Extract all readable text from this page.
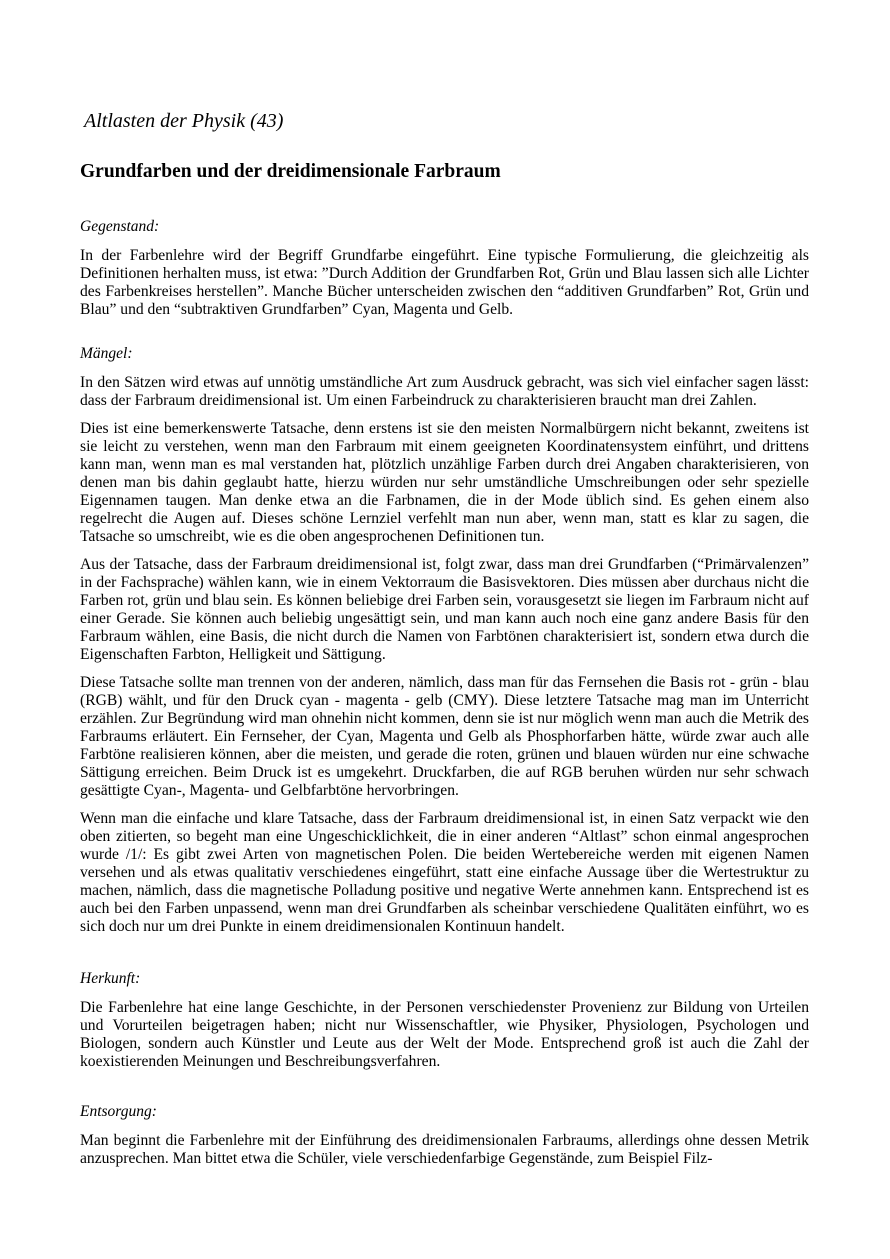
Altlasten der Physik (43)
Grundfarben und der dreidimensionale Farbraum
Gegenstand:

In der Farbenlehre wird der Begriff Grundfarbe eingeführt. Eine typische Formulierung, die gleichzeitig als Definitionen herhalten muss, ist etwa: ”Durch Addition der Grundfarben Rot, Grün und Blau lassen sich alle Lichter des Farbenkreises herstellen”. Manche Bücher unterscheiden zwischen den “additiven Grundfarben” Rot, Grün und Blau” und den “subtraktiven Grundfarben” Cyan, Magenta und Gelb.

Mängel:

In den Sätzen wird etwas auf unnötig umständliche Art zum Ausdruck gebracht, was sich viel einfacher sagen lässt: dass der Farbraum dreidimensional ist. Um einen Farbeindruck zu charakterisieren braucht man drei Zahlen.

Dies ist eine bemerkenswerte Tatsache, denn erstens ist sie den meisten Normalbürgern nicht bekannt, zweitens ist sie leicht zu verstehen, wenn man den Farbraum mit einem geeigneten Koordinatensystem einführt, und drittens kann man, wenn man es mal verstanden hat, plötzlich unzählige Farben durch drei Angaben charakterisieren, von denen man bis dahin geglaubt hatte, hierzu würden nur sehr umständliche Umschreibungen oder sehr spezielle Eigennamen taugen. Man denke etwa an die Farbnamen, die in der Mode üblich sind. Es gehen einem also regelrecht die Augen auf. Dieses schöne Lernziel verfehlt man nun aber, wenn man, statt es klar zu sagen, die Tatsache so umschreibt, wie es die oben angesprochenen Definitionen tun.

Aus der Tatsache, dass der Farbraum dreidimensional ist, folgt zwar, dass man drei Grundfarben (“Primärvalenzen” in der Fachsprache) wählen kann, wie in einem Vektorraum die Basisvektoren. Dies müssen aber durchaus nicht die Farben rot, grün und blau sein. Es können beliebige drei Farben sein, vorausgesetzt sie liegen im Farbraum nicht auf einer Gerade. Sie können auch beliebig ungesättigt sein, und man kann auch noch eine ganz andere Basis für den Farbraum wählen, eine Basis, die nicht durch die Namen von Farbtönen charakterisiert ist, sondern etwa durch die Eigenschaften Farbton, Helligkeit und Sättigung.

Diese Tatsache sollte man trennen von der anderen, nämlich, dass man für das Fernsehen die Basis rot - grün - blau (RGB) wählt, und für den Druck cyan - magenta - gelb (CMY). Diese letztere Tatsache mag man im Unterricht erzählen. Zur Begründung wird man ohnehin nicht kommen, denn sie ist nur möglich wenn man auch die Metrik des Farbraums erläutert. Ein Fernseher, der Cyan, Magenta und Gelb als Phosphorfarben hätte, würde zwar auch alle Farbtöne realisieren können, aber die meisten, und gerade die roten, grünen und blauen würden nur eine schwache Sättigung erreichen. Beim Druck ist es umgekehrt. Druckfarben, die auf RGB beruhen würden nur sehr schwach gesättigte Cyan-, Magenta- und Gelbfarbtöne hervorbringen.

Wenn man die einfache und klare Tatsache, dass der Farbraum dreidimensional ist, in einen Satz verpackt wie den oben zitierten, so begeht man eine Ungeschicklichkeit, die in einer anderen “Altlast” schon einmal angesprochen wurde /1/: Es gibt zwei Arten von magnetischen Polen. Die beiden Wertebereiche werden mit eigenen Namen versehen und als etwas qualitativ verschiedenes eingeführt, statt eine einfache Aussage über die Wertestruktur zu machen, nämlich, dass die magnetische Polladung positive und negative Werte annehmen kann. Entsprechend ist es auch bei den Farben unpassend, wenn man drei Grundfarben als scheinbar verschiedene Qualitäten einführt, wo es sich doch nur um drei Punkte in einem dreidimensionalen Kontinuun handelt.

Herkunft:

Die Farbenlehre hat eine lange Geschichte, in der Personen verschiedenster Provenienz zur Bildung von Urteilen und Vorurteilen beigetragen haben; nicht nur Wissenschaftler, wie Physiker, Physiologen, Psychologen und Biologen, sondern auch Künstler und Leute aus der Welt der Mode. Entsprechend groß ist auch die Zahl der koexistierenden Meinungen und Beschreibungsverfahren.

Entsorgung:

Man beginnt die Farbenlehre mit der Einführung des dreidimensionalen Farbraums, allerdings ohne dessen Metrik anzusprechen. Man bittet etwa die Schüler, viele verschiedenfarbige Gegenstände, zum Beispiel Filz-
